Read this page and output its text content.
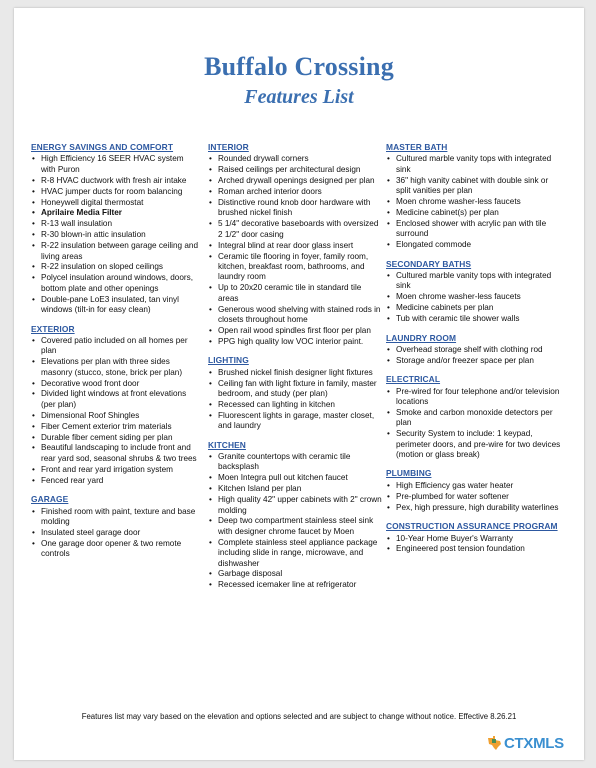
Buffalo Crossing
Features List
ENERGY SAVINGS AND COMFORT
• High Efficiency 16 SEER HVAC system with Puron
• R-8 HVAC ductwork with fresh air intake
• HVAC jumper ducts for room balancing
• Honeywell digital thermostat
• Aprilaire Media Filter
• R-13 wall insulation
• R-30 blown-in attic insulation
• R-22 insulation between garage ceiling and living areas
• R-22 insulation on sloped ceilings
• Polycel insulation around windows, doors, bottom plate and other openings
• Double-pane LoE3 insulated, tan vinyl windows (tilt-in for easy clean)
EXTERIOR
• Covered patio included on all homes per plan
• Elevations per plan with three sides masonry (stucco, stone, brick per plan)
• Decorative wood front door
• Divided light windows at front elevations (per plan)
• Dimensional Roof Shingles
• Fiber Cement exterior trim materials
• Durable fiber cement siding per plan
• Beautiful landscaping to include front and rear yard sod, seasonal shrubs & two trees
• Front and rear yard irrigation system
• Fenced rear yard
GARAGE
• Finished room with paint, texture and base molding
• Insulated steel garage door
• One garage door opener & two remote controls
INTERIOR
• Rounded drywall corners
• Raised ceilings per architectural design
• Arched drywall openings designed per plan
• Roman arched interior doors
• Distinctive round knob door hardware with brushed nickel finish
• 5 1/4" decorative baseboards with oversized 2 1/2" door casing
• Integral blind at rear door glass insert
• Ceramic tile flooring in foyer, family room, kitchen, breakfast room, bathrooms, and laundry room
• Up to 20x20 ceramic tile in standard tile areas
• Generous wood shelving with stained rods in closets throughout home
• Open rail wood spindles first floor per plan
• PPG high quality low VOC interior paint.
LIGHTING
• Brushed nickel finish designer light fixtures
• Ceiling fan with light fixture in family, master bedroom, and study (per plan)
• Recessed can lighting in kitchen
• Fluorescent lights in garage, master closet, and laundry
KITCHEN
• Granite countertops with ceramic tile backsplash
• Moen Integra pull out kitchen faucet
• Kitchen Island per plan
• High quality 42" upper cabinets with 2" crown molding
• Deep two compartment stainless steel sink with designer chrome faucet by Moen
• Complete stainless steel appliance package including slide in range, microwave, and dishwasher
• Garbage disposal
• Recessed icemaker line at refrigerator
MASTER BATH
• Cultured marble vanity tops with integrated sink
• 36" high vanity cabinet with double sink or split vanities per plan
• Moen chrome washer-less faucets
• Medicine cabinet(s) per plan
• Enclosed shower with acrylic pan with tile surround
• Elongated commode
SECONDARY BATHS
• Cultured marble vanity tops with integrated sink
• Moen chrome washer-less faucets
• Medicine cabinets per plan
• Tub with ceramic tile shower walls
LAUNDRY ROOM
• Overhead storage shelf with clothing rod
• Storage and/or freezer space per plan
ELECTRICAL
• Pre-wired for four telephone and/or television locations
• Smoke and carbon monoxide detectors per plan
• Security System to include: 1 keypad, perimeter doors, and pre-wire for two devices (motion or glass break)
PLUMBING
• High Efficiency gas water heater
• Pre-plumbed for water softener
• Pex, high pressure, high durability waterlines
CONSTRUCTION ASSURANCE PROGRAM
• 10-Year Home Buyer's Warranty
• Engineered post tension foundation
Features list may vary based on the elevation and options selected and are subject to change without notice. Effective 8.26.21
CTXMLS
